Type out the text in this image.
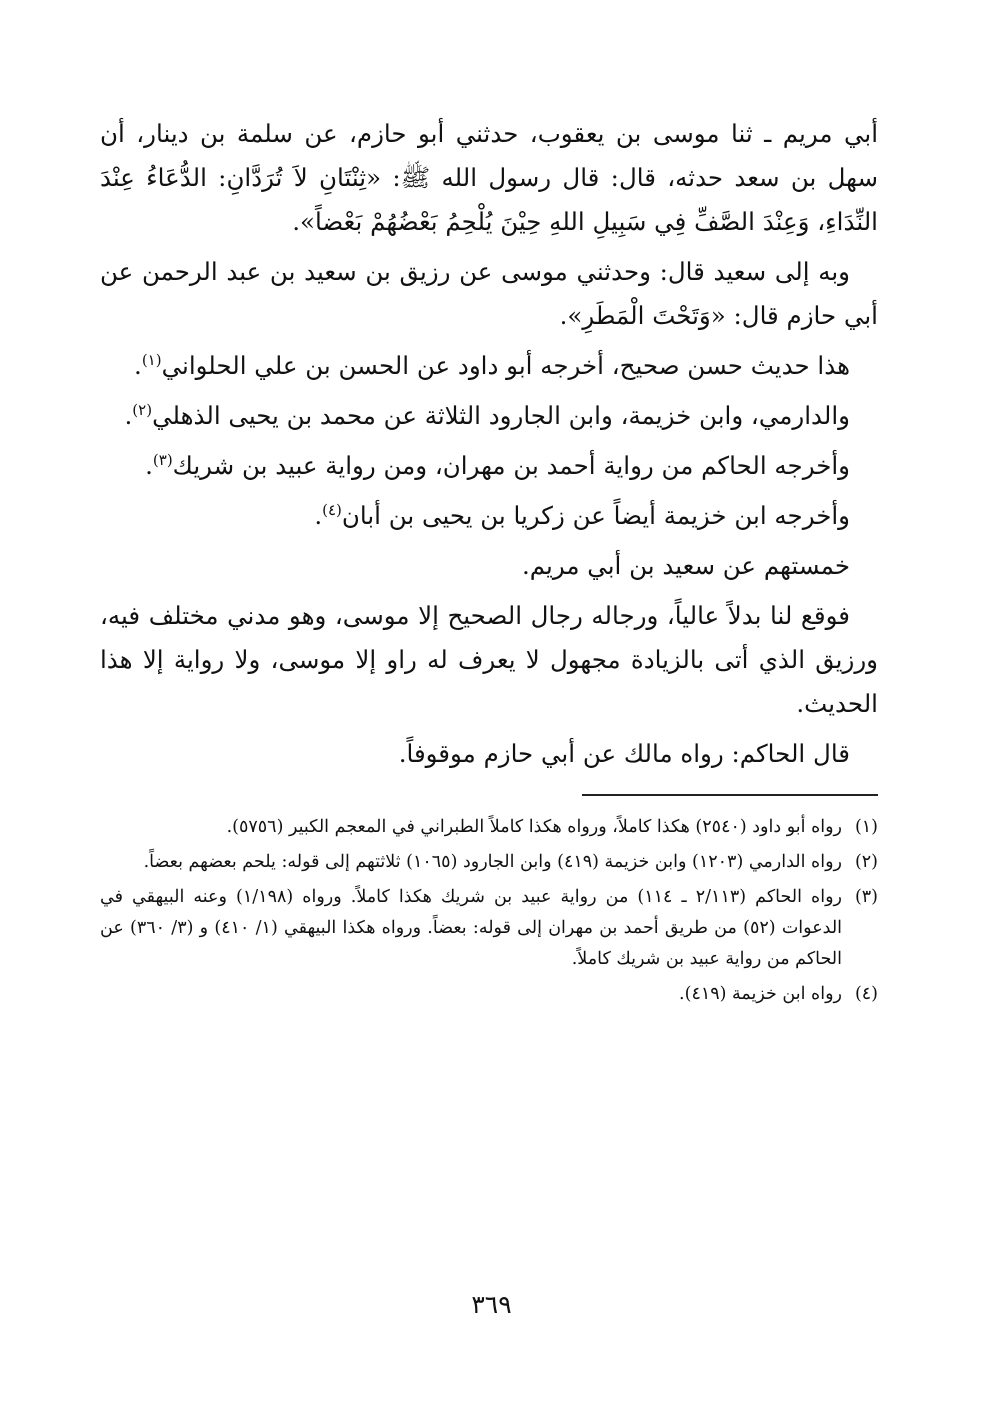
أبي مريم ـ ثنا موسى بن يعقوب، حدثني أبو حازم، عن سلمة بن دينار، أن سهل بن سعد حدثه، قال: قال رسول الله ﷺ: «ثِنْتَانِ لاَ تُرَدَّانِ: الدُّعَاءُ عِنْدَ النِّدَاءِ، وَعِنْدَ الصَّفِّ فِي سَبِيلِ اللهِ حِيْنَ يُلْحِمُ بَعْضُهُمْ بَعْضاً».

وبه إلى سعيد قال: وحدثني موسى عن رزيق بن سعيد بن عبد الرحمن عن أبي حازم قال: «وَتَحْتَ الْمَطَرِ».

هذا حديث حسن صحيح، أخرجه أبو داود عن الحسن بن علي الحلواني$^{(١)}$.

والدارمي، وابن خزيمة، وابن الجارود الثلاثة عن محمد بن يحيى الذهلي$^{(٢)}$.

وأخرجه الحاكم من رواية أحمد بن مهران، ومن رواية عبيد بن شريك$^{(٣)}$.

وأخرجه ابن خزيمة أيضاً عن زكريا بن يحيى بن أبان$^{(٤)}$.

خمستهم عن سعيد بن أبي مريم.

فوقع لنا بدلاً عالياً، ورجاله رجال الصحيح إلا موسى، وهو مدني مختلف فيه، ورزيق الذي أتى بالزيادة مجهول لا يعرف له راو إلا موسى، ولا رواية إلا هذا الحديث.

قال الحاكم: رواه مالك عن أبي حازم موقوفاً.

(١)
رواه أبو داود (٢٥٤٠) هكذا كاملاً، ورواه هكذا كاملاً الطبراني في المعجم الكبير (٥٧٥٦).
(٢)
رواه الدارمي (١٢٠٣) وابن خزيمة (٤١٩) وابن الجارود (١٠٦٥) ثلاثتهم إلى قوله: يلحم بعضهم بعضاً.
(٣)
رواه الحاكم (٢/١١٣ ـ ١١٤) من رواية عبيد بن شريك هكذا كاملاً. ورواه (١/١٩٨) وعنه البيهقي في الدعوات (٥٢) من طريق أحمد بن مهران إلى قوله: بعضاً. ورواه هكذا البيهقي (١/ ٤١٠) و (٣/ ٣٦٠) عن الحاكم من رواية عبيد بن شريك كاملاً.
(٤)
رواه ابن خزيمة (٤١٩).
٣٦٩
